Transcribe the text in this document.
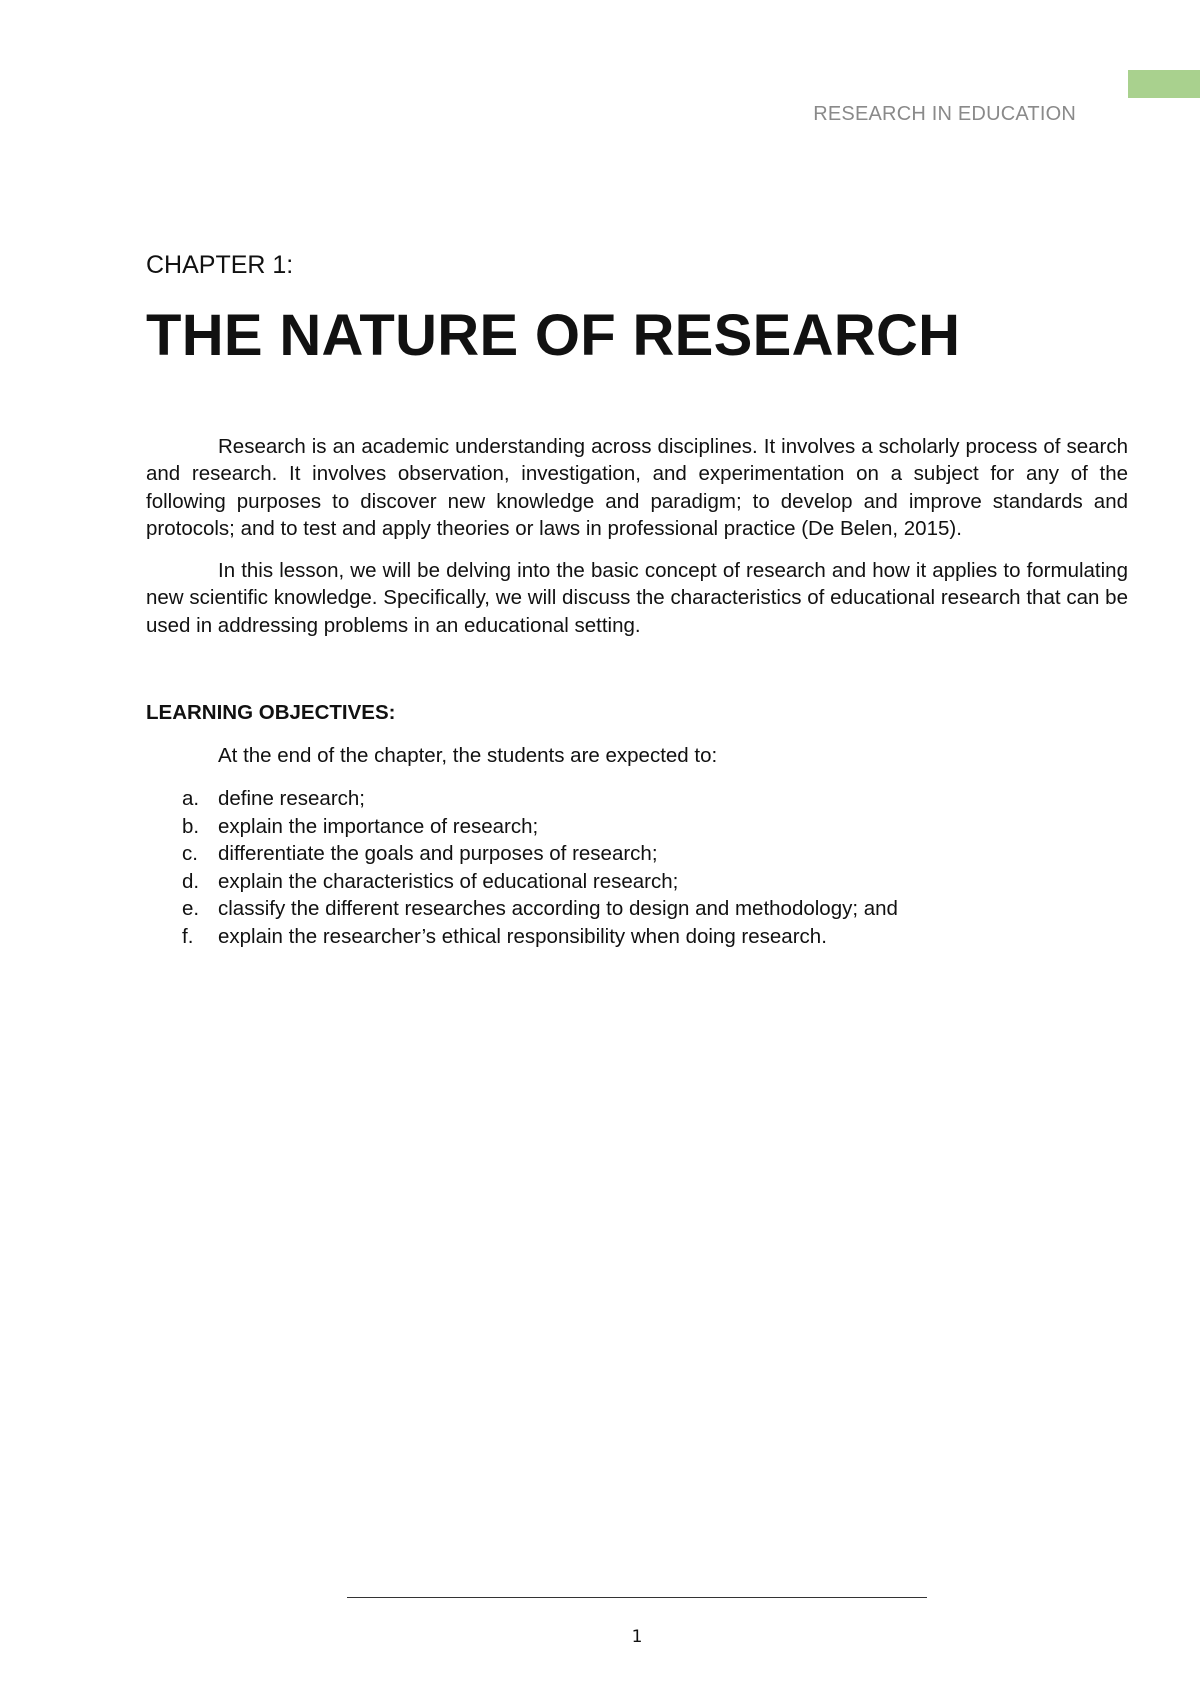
RESEARCH IN EDUCATION
CHAPTER 1:
THE NATURE OF RESEARCH

Research is an academic understanding across disciplines. It involves a scholarly process of search and research. It involves observation, investigation, and experimentation on a subject for any of the following purposes to discover new knowledge and paradigm; to develop and improve standards and protocols; and to test and apply theories or laws in professional practice (De Belen, 2015).

In this lesson, we will be delving into the basic concept of research and how it applies to formulating new scientific knowledge. Specifically, we will discuss the characteristics of educational research that can be used in addressing problems in an educational setting.

LEARNING OBJECTIVES:

At the end of the chapter, the students are expected to:

a. define research;
b. explain the importance of research;
c. differentiate the goals and purposes of research;
d. explain the characteristics of educational research;
e. classify the different researches according to design and methodology; and
f.	explain the researcher’s ethical responsibility when doing research.
1
